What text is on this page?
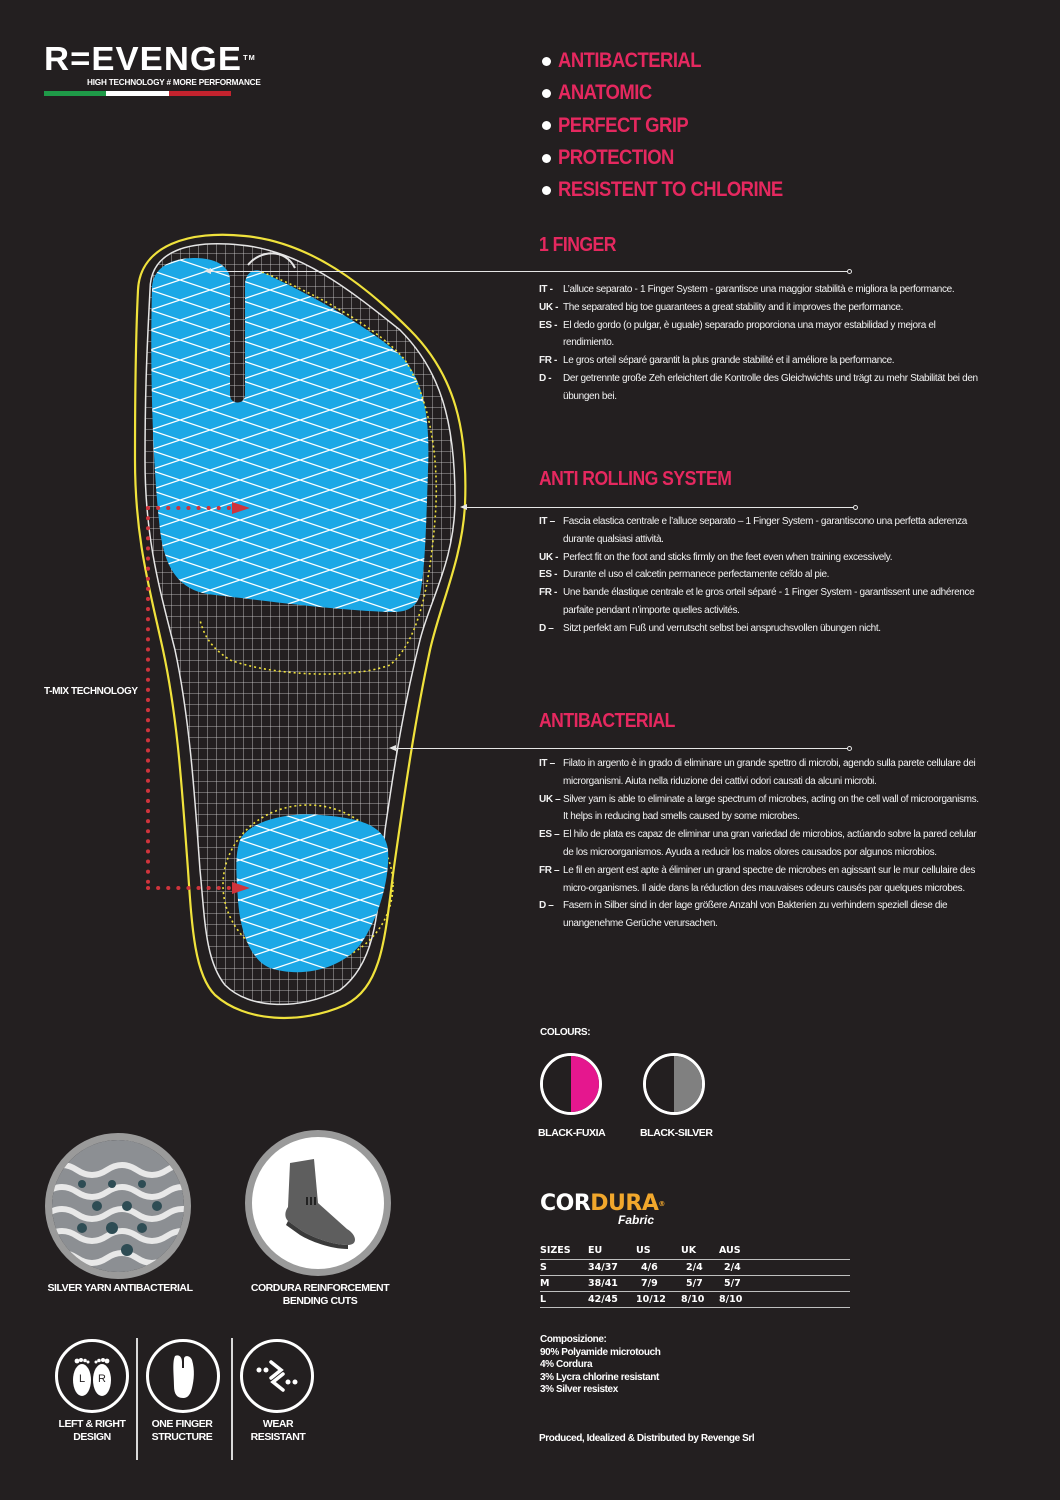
R=EVENGE™
HIGH TECHNOLOGY # MORE PERFORMANCE
ANTIBACTERIAL
ANATOMIC
PERFECT GRIP
PROTECTION
RESISTENT TO CHLORINE
T-MIX TECHNOLOGY
1 FINGER
IT -	L’alluce separato - 1 Finger System - garantisce una maggior stabilità e migliora la performance.
UK - The separated big toe guarantees a great stability and it improves the performance.
ES - El dedo gordo (o pulgar, è uguale) separado proporciona una mayor estabilidad y mejora el rendimiento.
FR - Le gros orteil séparé garantit la plus grande stabilité et il améliore la performance.
D -	Der getrennte große Zeh erleichtert die Kontrolle des Gleichwichts und trägt zu mehr Stabilität bei den übungen bei.
ANTI ROLLING SYSTEM
IT – Fascia elastica centrale e l’alluce separato – 1 Finger System - garantiscono una perfetta aderenza durante qualsiasi attività.
UK - Perfect fit on the foot and sticks firmly on the feet even when training excessively.
ES - Durante el uso el calcetin permanece perfectamente ceĩdo al pie.
FR - Une bande élastique centrale et le gros orteil séparé - 1 Finger System - garantissent une adhérence parfaite pendant n’importe quelles activités.
D – Sitzt perfekt am Fuß und verrutscht selbst bei anspruchsvollen übungen nicht.
ANTIBACTERIAL
IT – Filato in argento è in grado di eliminare un grande spettro di microbi, agendo sulla parete cellulare dei microrganismi. Aiuta nella riduzione dei cattivi odori causati da alcuni microbi.
UK – Silver yarn is able to eliminate a large spectrum of microbes, acting on the cell wall of microorganisms. It helps in reducing bad smells caused by some microbes.
ES – El hilo de plata es capaz de eliminar una gran variedad de microbios, actúando sobre la pared celular de los microorganismos. Ayuda a reducir los malos olores causados por algunos microbios.
FR – Le fil en argent est apte à éliminer un grand spectre de microbes en agissant sur le mur cellulaire des micro-organismes. Il aide dans la réduction des mauvaises odeurs causés par quelques microbes.
D – Fasern in Silber sind in der lage größere Anzahl von Bakterien zu verhindern speziell diese die unangenehme Gerüche verursachen.
COLOURS:
BLACK-FUXIA	BLACK-SILVER
CORDURA®
Fabric
SIZES	EU	US	UK	AUS
S	34/37	4/6	2/4	2/4
M	38/41	7/9	5/7	5/7
L	42/45	10/12	8/10	8/10
Composizione:
90% Polyamide microtouch
4% Cordura
3% Lycra chlorine resistant
3% Silver resistex
Produced, Idealized & Distributed by Revenge Srl
SILVER YARN ANTIBACTERIAL	CORDURA REINFORCEMENT
BENDING CUTS
L R
LEFT & RIGHT
DESIGN
ONE FINGER
STRUCTURE
WEAR
RESISTANT
